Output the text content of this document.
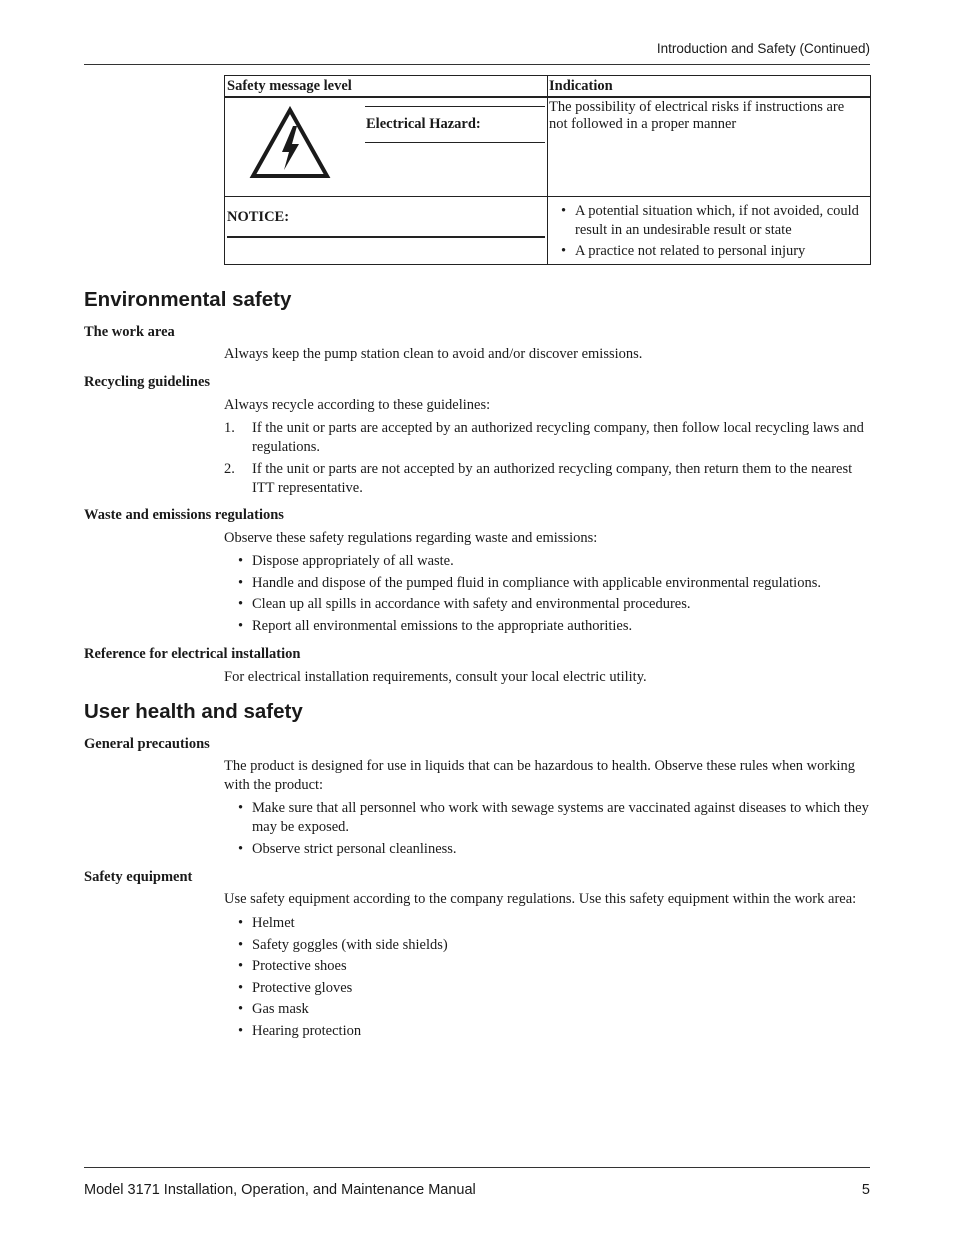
Introduction and Safety (Continued)
Safety message level	Indication
Electrical Hazard:
The possibility of electrical risks if instructions are not followed in a proper manner
NOTICE:
•	A potential situation which, if not avoided, could result in an undesirable result or state
• A practice not related to personal injury
Environmental safety
The work area

Always keep the pump station clean to avoid and/or discover emissions.

Recycling guidelines

Always recycle according to these guidelines:

1. If the unit or parts are accepted by an authorized recycling company, then follow local recycling laws and regulations.
2. If the unit or parts are not accepted by an authorized recycling company, then return them to the nearest ITT representative.
Waste and emissions regulations

Observe these safety regulations regarding waste and emissions:

• Dispose appropriately of all waste.
• Handle and dispose of the pumped fluid in compliance with applicable environmental regulations.
• Clean up all spills in accordance with safety and environmental procedures.
• Report all environmental emissions to the appropriate authorities.
Reference for electrical installation

For electrical installation requirements, consult your local electric utility.

User health and safety
General precautions

The product is designed for use in liquids that can be hazardous to health. Observe these rules when working with the product:

• Make sure that all personnel who work with sewage systems are vaccinated against diseases to which they may be exposed.
• Observe strict personal cleanliness.
Safety equipment

Use safety equipment according to the company regulations. Use this safety equipment within the work area:

• Helmet
• Safety goggles (with side shields)
• Protective shoes
• Protective gloves
• Gas mask
• Hearing protection
Model 3171 Installation, Operation, and Maintenance Manual	5
